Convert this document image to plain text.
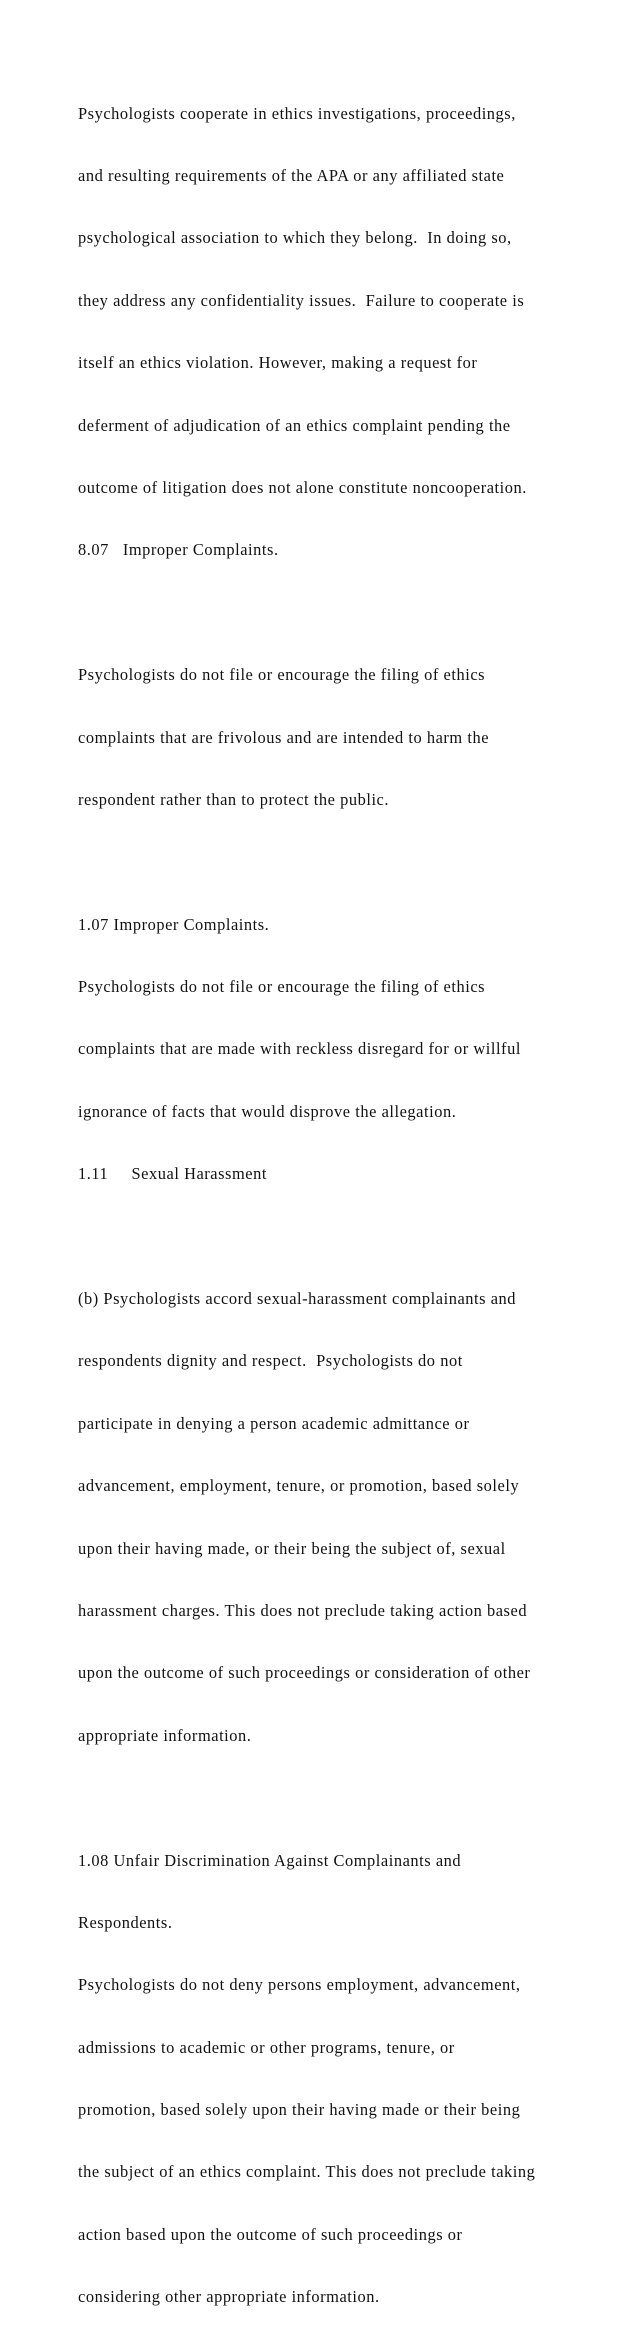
Psychologists cooperate in ethics investigations, proceedings,

and resulting requirements of the APA or any affiliated state

psychological association to which they belong.  In doing so,

they address any confidentiality issues.  Failure to cooperate is

itself an ethics violation. However, making a request for

deferment of adjudication of an ethics complaint pending the

outcome of litigation does not alone constitute noncooperation.

8.07   Improper Complaints.

Psychologists do not file or encourage the filing of ethics

complaints that are frivolous and are intended to harm the

respondent rather than to protect the public.

1.07 Improper Complaints.

Psychologists do not file or encourage the filing of ethics

complaints that are made with reckless disregard for or willful

ignorance of facts that would disprove the allegation.

1.11     Sexual Harassment

(b) Psychologists accord sexual-harassment complainants and

respondents dignity and respect.  Psychologists do not

participate in denying a person academic admittance or

advancement, employment, tenure, or promotion, based solely

upon their having made, or their being the subject of, sexual

harassment charges. This does not preclude taking action based

upon the outcome of such proceedings or consideration of other

appropriate information.

1.08 Unfair Discrimination Against Complainants and

Respondents.

Psychologists do not deny persons employment, advancement,

admissions to academic or other programs, tenure, or

promotion, based solely upon their having made or their being

the subject of an ethics complaint. This does not preclude taking

action based upon the outcome of such proceedings or

considering other appropriate information.
